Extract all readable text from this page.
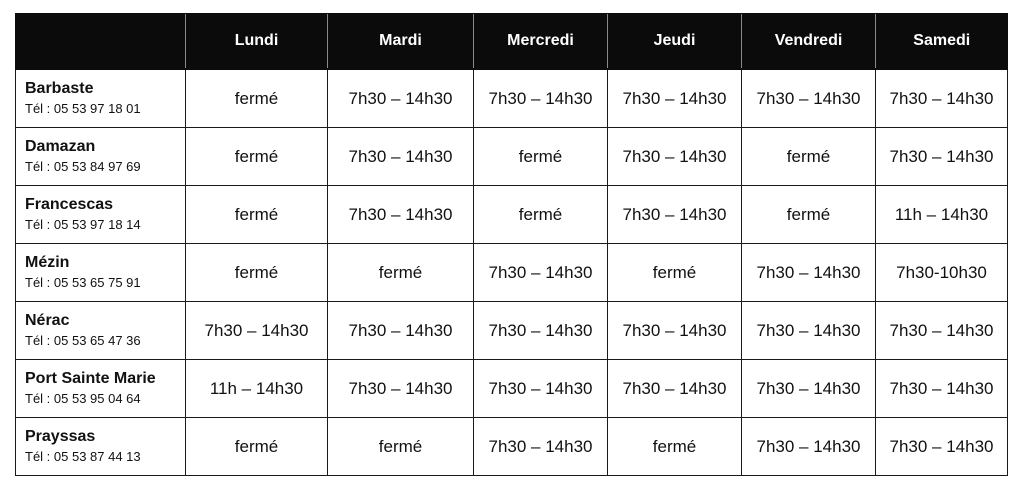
	Lundi	Mardi	Mercredi	Jeudi	Vendredi	Samedi

Barbaste
Tél : 05 53 97 18 01	fermé	7h30 – 14h30	7h30 – 14h30	7h30 – 14h30	7h30 – 14h30	7h30 – 14h30

Damazan
Tél : 05 53 84 97 69	fermé	7h30 – 14h30	fermé	7h30 – 14h30	fermé	7h30 – 14h30

Francescas
Tél : 05 53 97 18 14	fermé	7h30 – 14h30	fermé	7h30 – 14h30	fermé	11h – 14h30

Mézin
Tél : 05 53 65 75 91	fermé	fermé	7h30 – 14h30	fermé	7h30 – 14h30	7h30-10h30

Nérac
Tél : 05 53 65 47 36	7h30 – 14h30	7h30 – 14h30	7h30 – 14h30	7h30 – 14h30	7h30 – 14h30	7h30 – 14h30

Port Sainte Marie
Tél : 05 53 95 04 64	11h – 14h30	7h30 – 14h30	7h30 – 14h30	7h30 – 14h30	7h30 – 14h30	7h30 – 14h30

Prayssas
Tél : 05 53 87 44 13	fermé	fermé	7h30 – 14h30	fermé	7h30 – 14h30	7h30 – 14h30
